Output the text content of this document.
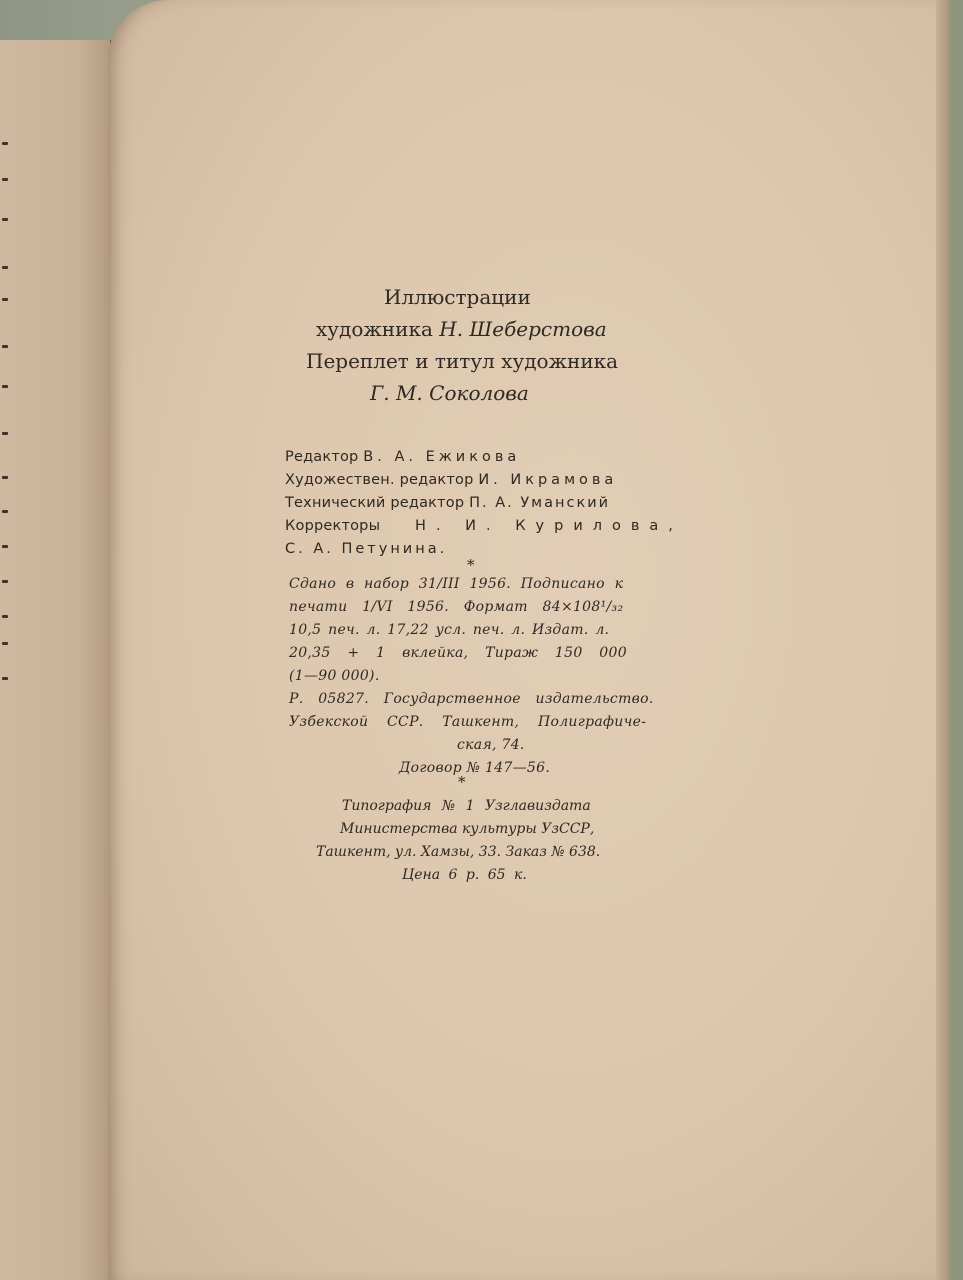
Иллюстрации
художника Н. Шеберстова
Переплет и титул художника
Г. М. Соколова
Редактор В. А. Ежикова
Художествен. редактор И. Икрамова
Технический редактор П. А. Уманский
Корректоры Н. И. Курилова,
С. А. Петунина.
*
Сдано в набор 31/III 1956. Подписано к
печати 1/VI 1956. Формат 84×108¹/₃₂
10,5 печ. л. 17,22 усл. печ. л. Издат. л.
20,35 + 1 вклейка, Тираж 150 000
(1—90 000).
Р. 05827. Государственное издательство.
Узбекской ССР. Ташкент, Полиграфиче-
ская, 74.
Договор № 147—56.
*
Типография № 1 Узглавиздата
Министерства культуры УзССР,
Ташкент, ул. Хамзы, 33. Заказ № 638.
Цена 6 р. 65 к.
